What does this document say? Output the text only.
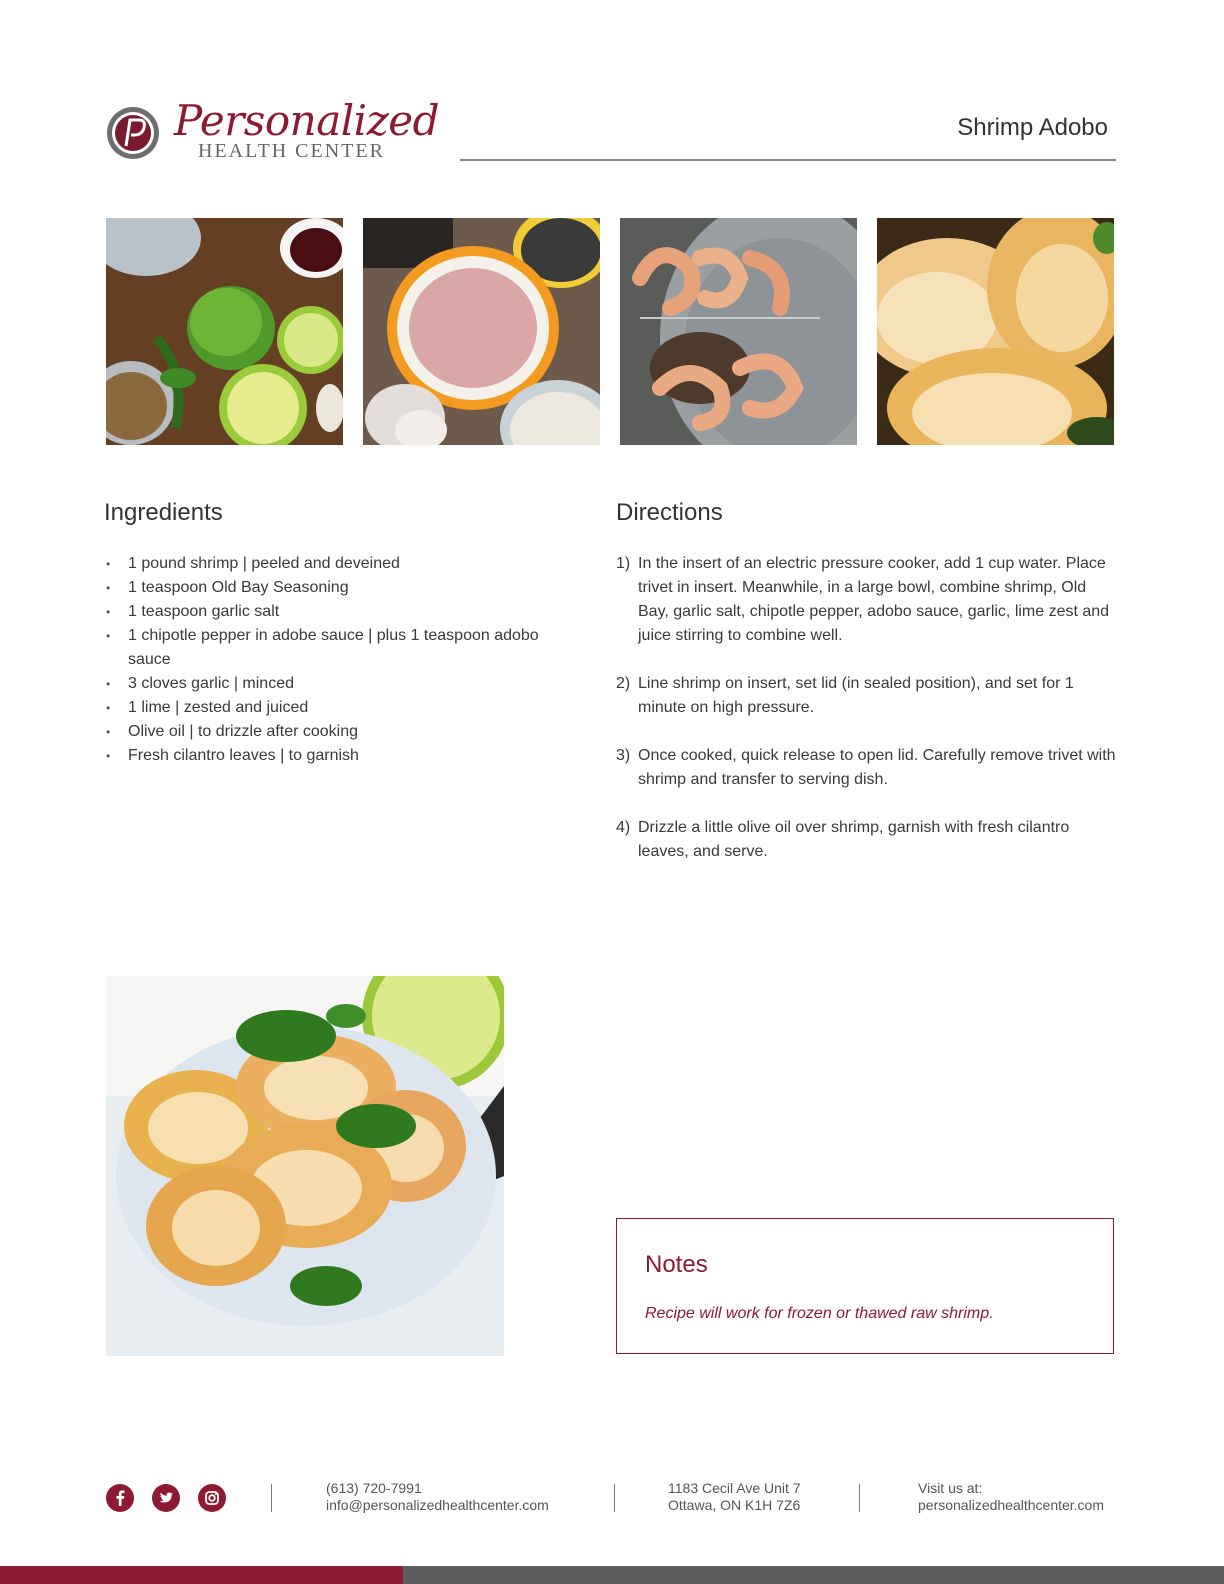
Personalized
HEALTH CENTER
Shrimp Adobo
Ingredients
• 1 pound shrimp | peeled and deveined
• 1 teaspoon Old Bay Seasoning
• 1 teaspoon garlic salt
• 1 chipotle pepper in adobe sauce | plus 1 teaspoon adobo sauce
• 3 cloves garlic | minced
• 1 lime | zested and juiced
• Olive oil | to drizzle after cooking
• Fresh cilantro leaves | to garnish
Directions
1) In the insert of an electric pressure cooker, add 1 cup water. Place trivet in insert. Meanwhile, in a large bowl, combine shrimp, Old Bay, garlic salt, chipotle pepper, adobo sauce, garlic, lime zest and juice stirring to combine well.
2) Line shrimp on insert, set lid (in sealed position), and set for 1 minute on high pressure.
3) Once cooked, quick release to open lid. Carefully remove trivet with shrimp and transfer to serving dish.
4) Drizzle a little olive oil over shrimp, garnish with fresh cilantro leaves, and serve.
Notes
Recipe will work for frozen or thawed raw shrimp.
(613) 720-7991
info@personalizedhealthcenter.com
1183 Cecil Ave Unit 7
Ottawa, ON K1H 7Z6
Visit us at:
personalizedhealthcenter.com
